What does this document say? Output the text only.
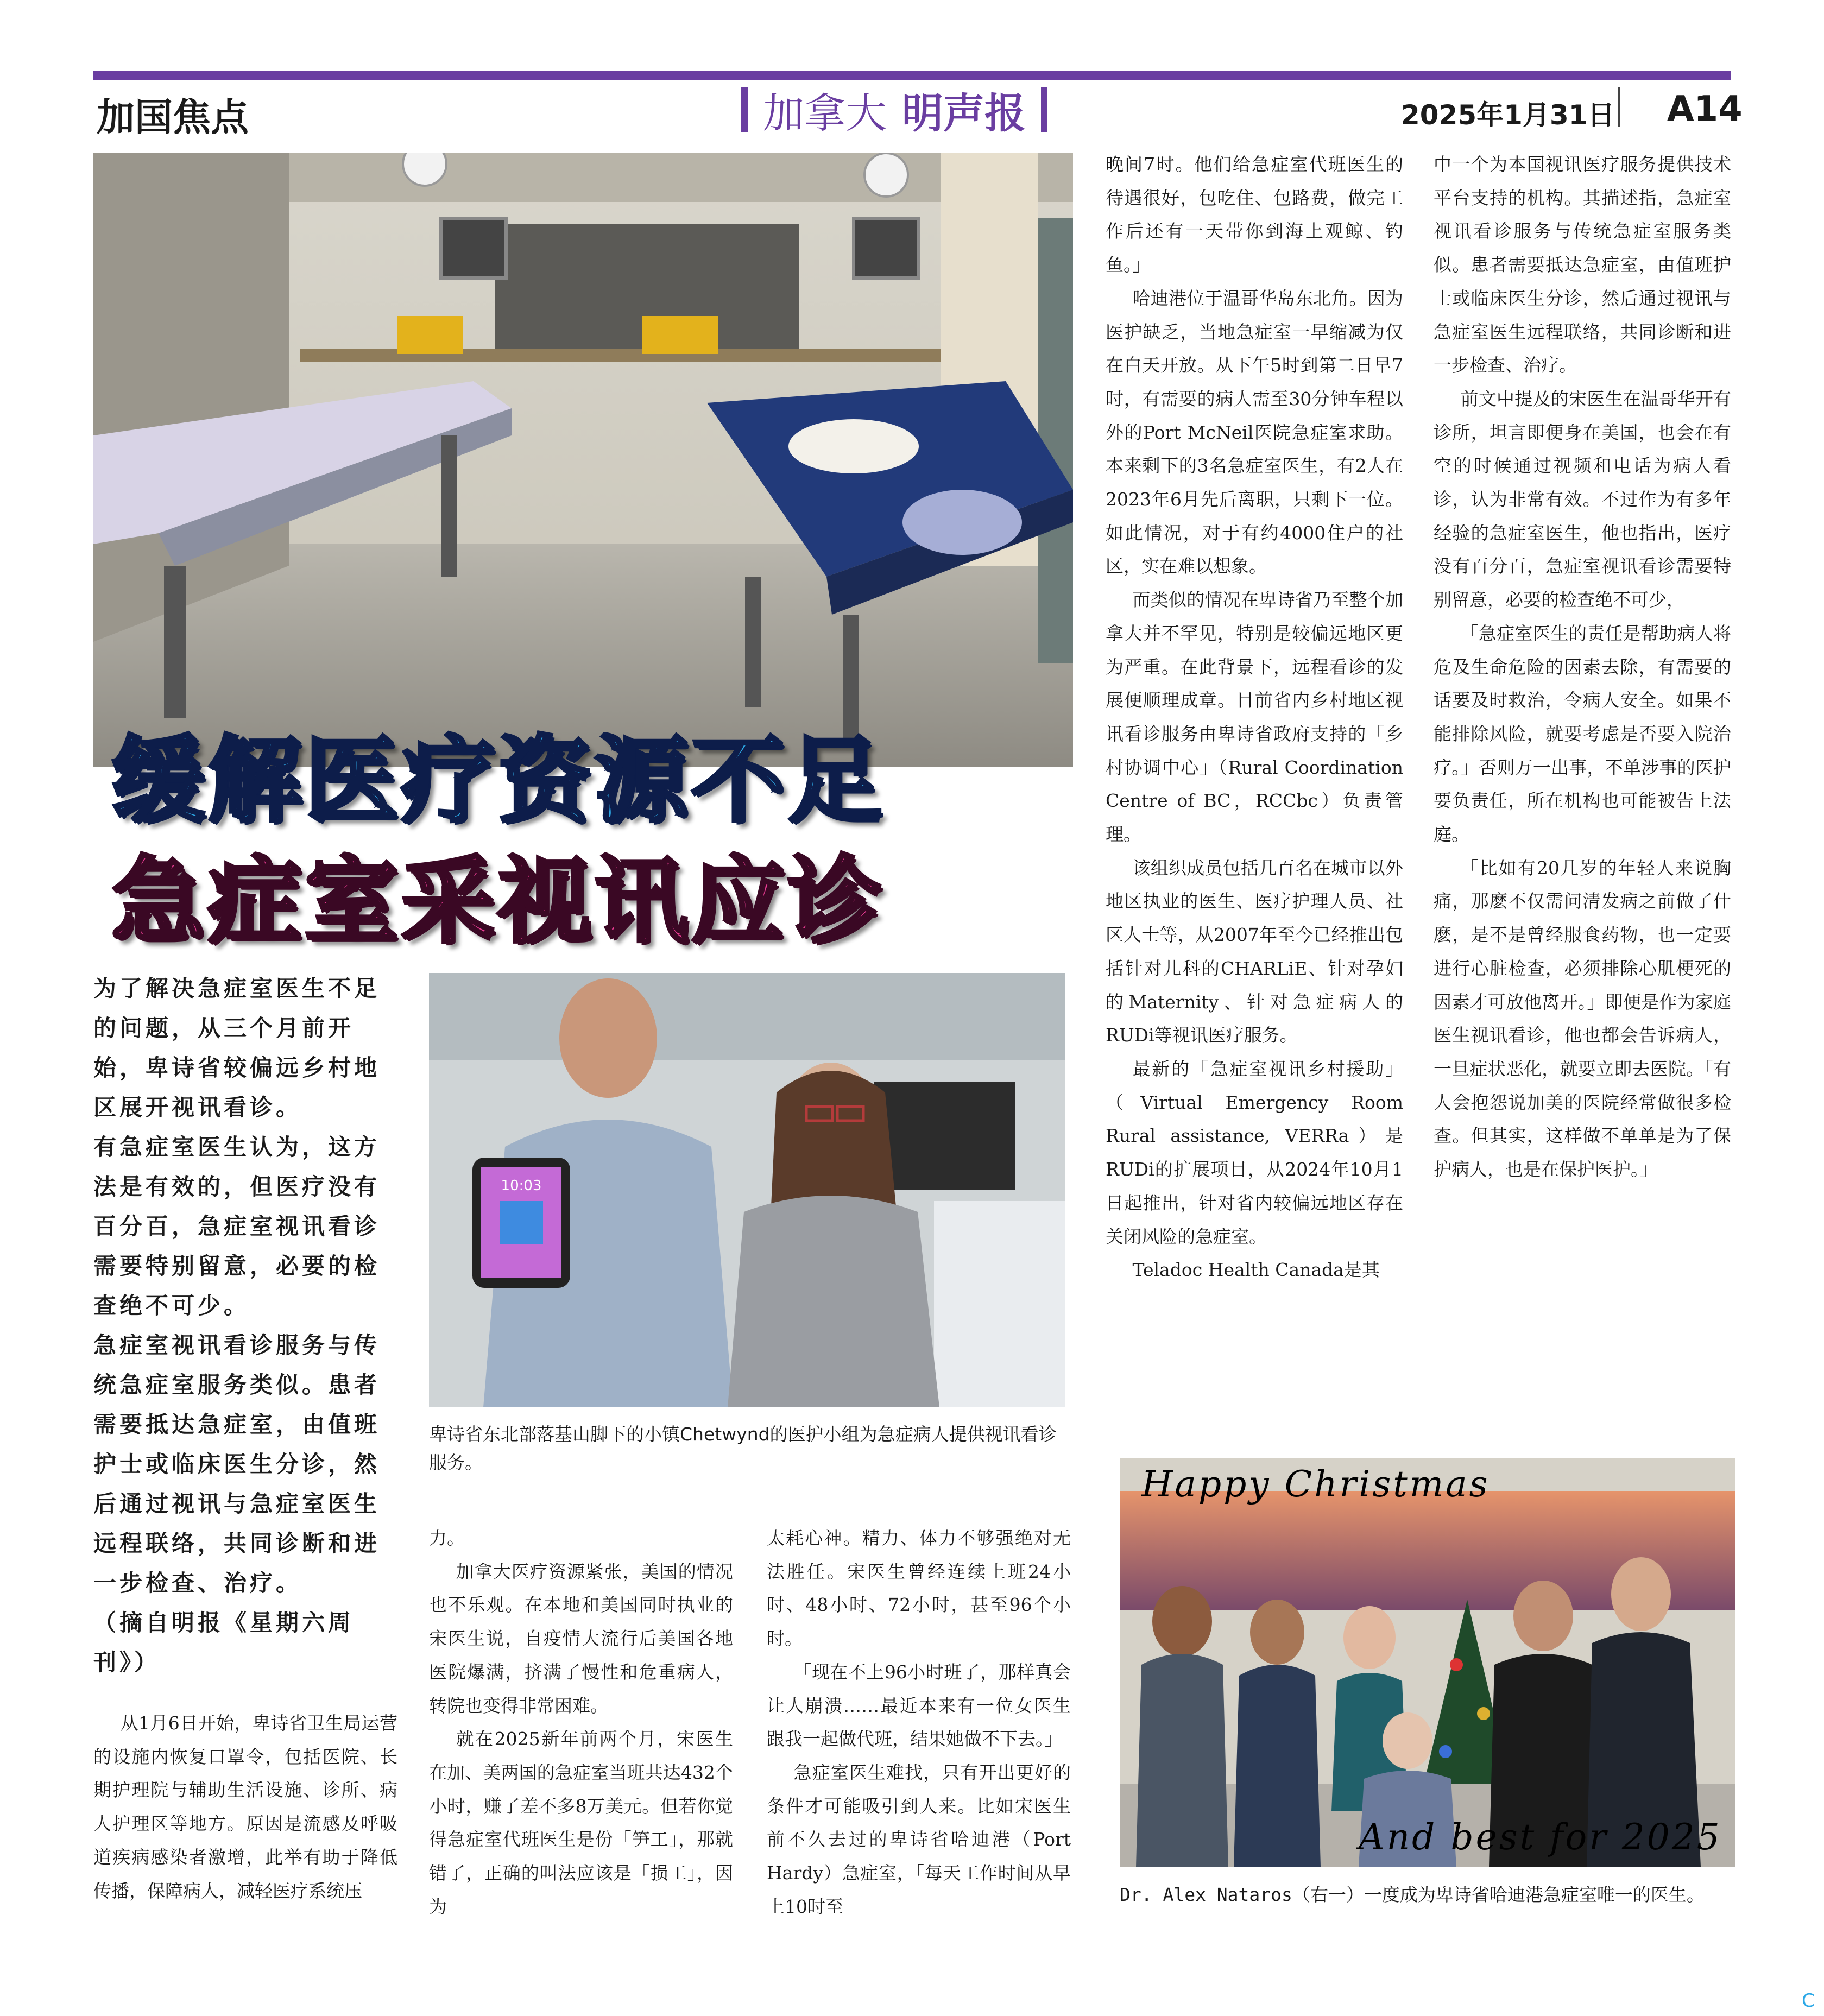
加国焦点	加拿大 明声报	2025年1月31日 A14
缓解医疗资源不足
急症室采视讯应诊

为了解决急症室医生不足的问题，从三个月前开始，卑诗省较偏远乡村地区展开视讯看诊。

有急症室医生认为，这方法是有效的，但医疗没有百分百，急症室视讯看诊需要特别留意，必要的检查绝不可少。

急症室视讯看诊服务与传统急症室服务类似。患者需要抵达急症室，由值班护士或临床医生分诊，然后通过视讯与急症室医生远程联络，共同诊断和进一步检查、治疗。

（摘自明报《星期六周刊》）

从1月6日开始，卑诗省卫生局运营的设施内恢复口罩令，包括医院、长期护理院与辅助生活设施、诊所、病人护理区等地方。原因是流感及呼吸道疾病感染者激增，此举有助于降低传播，保障病人，减轻医疗系统压

10:03
卑诗省东北部落基山脚下的小镇Chetwynd的医护小组为急症病人提供视讯看诊服务。

力。

加拿大医疗资源紧张，美国的情况也不乐观。在本地和美国同时执业的宋医生说，自疫情大流行后美国各地医院爆满，挤满了慢性和危重病人，转院也变得非常困难。

就在2025新年前两个月，宋医生在加、美两国的急症室当班共达432个小时，赚了差不多8万美元。但若你觉得急症室代班医生是份「笋工」，那就错了，正确的叫法应该是「损工」，因为

太耗心神。精力、体力不够强绝对无法胜任。宋医生曾经连续上班24小时、48小时、72小时，甚至96个小时。

「现在不上96小时班了，那样真会让人崩溃……最近本来有一位女医生跟我一起做代班，结果她做不下去。」

急症室医生难找，只有开出更好的条件才可能吸引到人来。比如宋医生前不久去过的卑诗省哈迪港（Port Hardy）急症室，「每天工作时间从早上10时至

晚间7时。他们给急症室代班医生的待遇很好，包吃住、包路费，做完工作后还有一天带你到海上观鲸、钓鱼。」

哈迪港位于温哥华岛东北角。因为医护缺乏，当地急症室一早缩减为仅在白天开放。从下午5时到第二日早7时，有需要的病人需至30分钟车程以外的Port McNeil医院急症室求助。本来剩下的3名急症室医生，有2人在2023年6月先后离职，只剩下一位。如此情况，对于有约4000住户的社区，实在难以想象。

而类似的情况在卑诗省乃至整个加拿大并不罕见，特别是较偏远地区更为严重。在此背景下，远程看诊的发展便顺理成章。目前省内乡村地区视讯看诊服务由卑诗省政府支持的「乡村协调中心」（Rural Coordination Centre of BC，RCCbc）负责管理。

该组织成员包括几百名在城市以外地区执业的医生、医疗护理人员、社区人士等，从2007年至今已经推出包括针对儿科的CHARLiE、针对孕妇的Maternity、针对急症病人的RUDi等视讯医疗服务。

最新的「急症室视讯乡村援助」（Virtual Emergency Room Rural assistance, VERRa）是RUDi的扩展项目，从2024年10月1日起推出，针对省内较偏远地区存在关闭风险的急症室。

Teladoc Health Canada是其

中一个为本国视讯医疗服务提供技术平台支持的机构。其描述指，急症室视讯看诊服务与传统急症室服务类似。患者需要抵达急症室，由值班护士或临床医生分诊，然后通过视讯与急症室医生远程联络，共同诊断和进一步检查、治疗。

前文中提及的宋医生在温哥华开有诊所，坦言即便身在美国，也会在有空的时候通过视频和电话为病人看诊，认为非常有效。不过作为有多年经验的急症室医生，他也指出，医疗没有百分百，急症室视讯看诊需要特别留意，必要的检查绝不可少，

「急症室医生的责任是帮助病人将危及生命危险的因素去除，有需要的话要及时救治，令病人安全。如果不能排除风险，就要考虑是否要入院治疗。」否则万一出事，不单涉事的医护要负责任，所在机构也可能被告上法庭。

「比如有20几岁的年轻人来说胸痛，那麽不仅需问清发病之前做了什麽，是不是曾经服食药物，也一定要进行心脏检查，必须排除心肌梗死的因素才可放他离开。」即便是作为家庭医生视讯看诊，他也都会告诉病人，一旦症状恶化，就要立即去医院。「有人会抱怨说加美的医院经常做很多检查。但其实，这样做不单单是为了保护病人，也是在保护医护。」

Happy Christmas
And best for 2025
Dr. Alex Nataros（右一）一度成为卑诗省哈迪港急症室唯一的医生。
C
